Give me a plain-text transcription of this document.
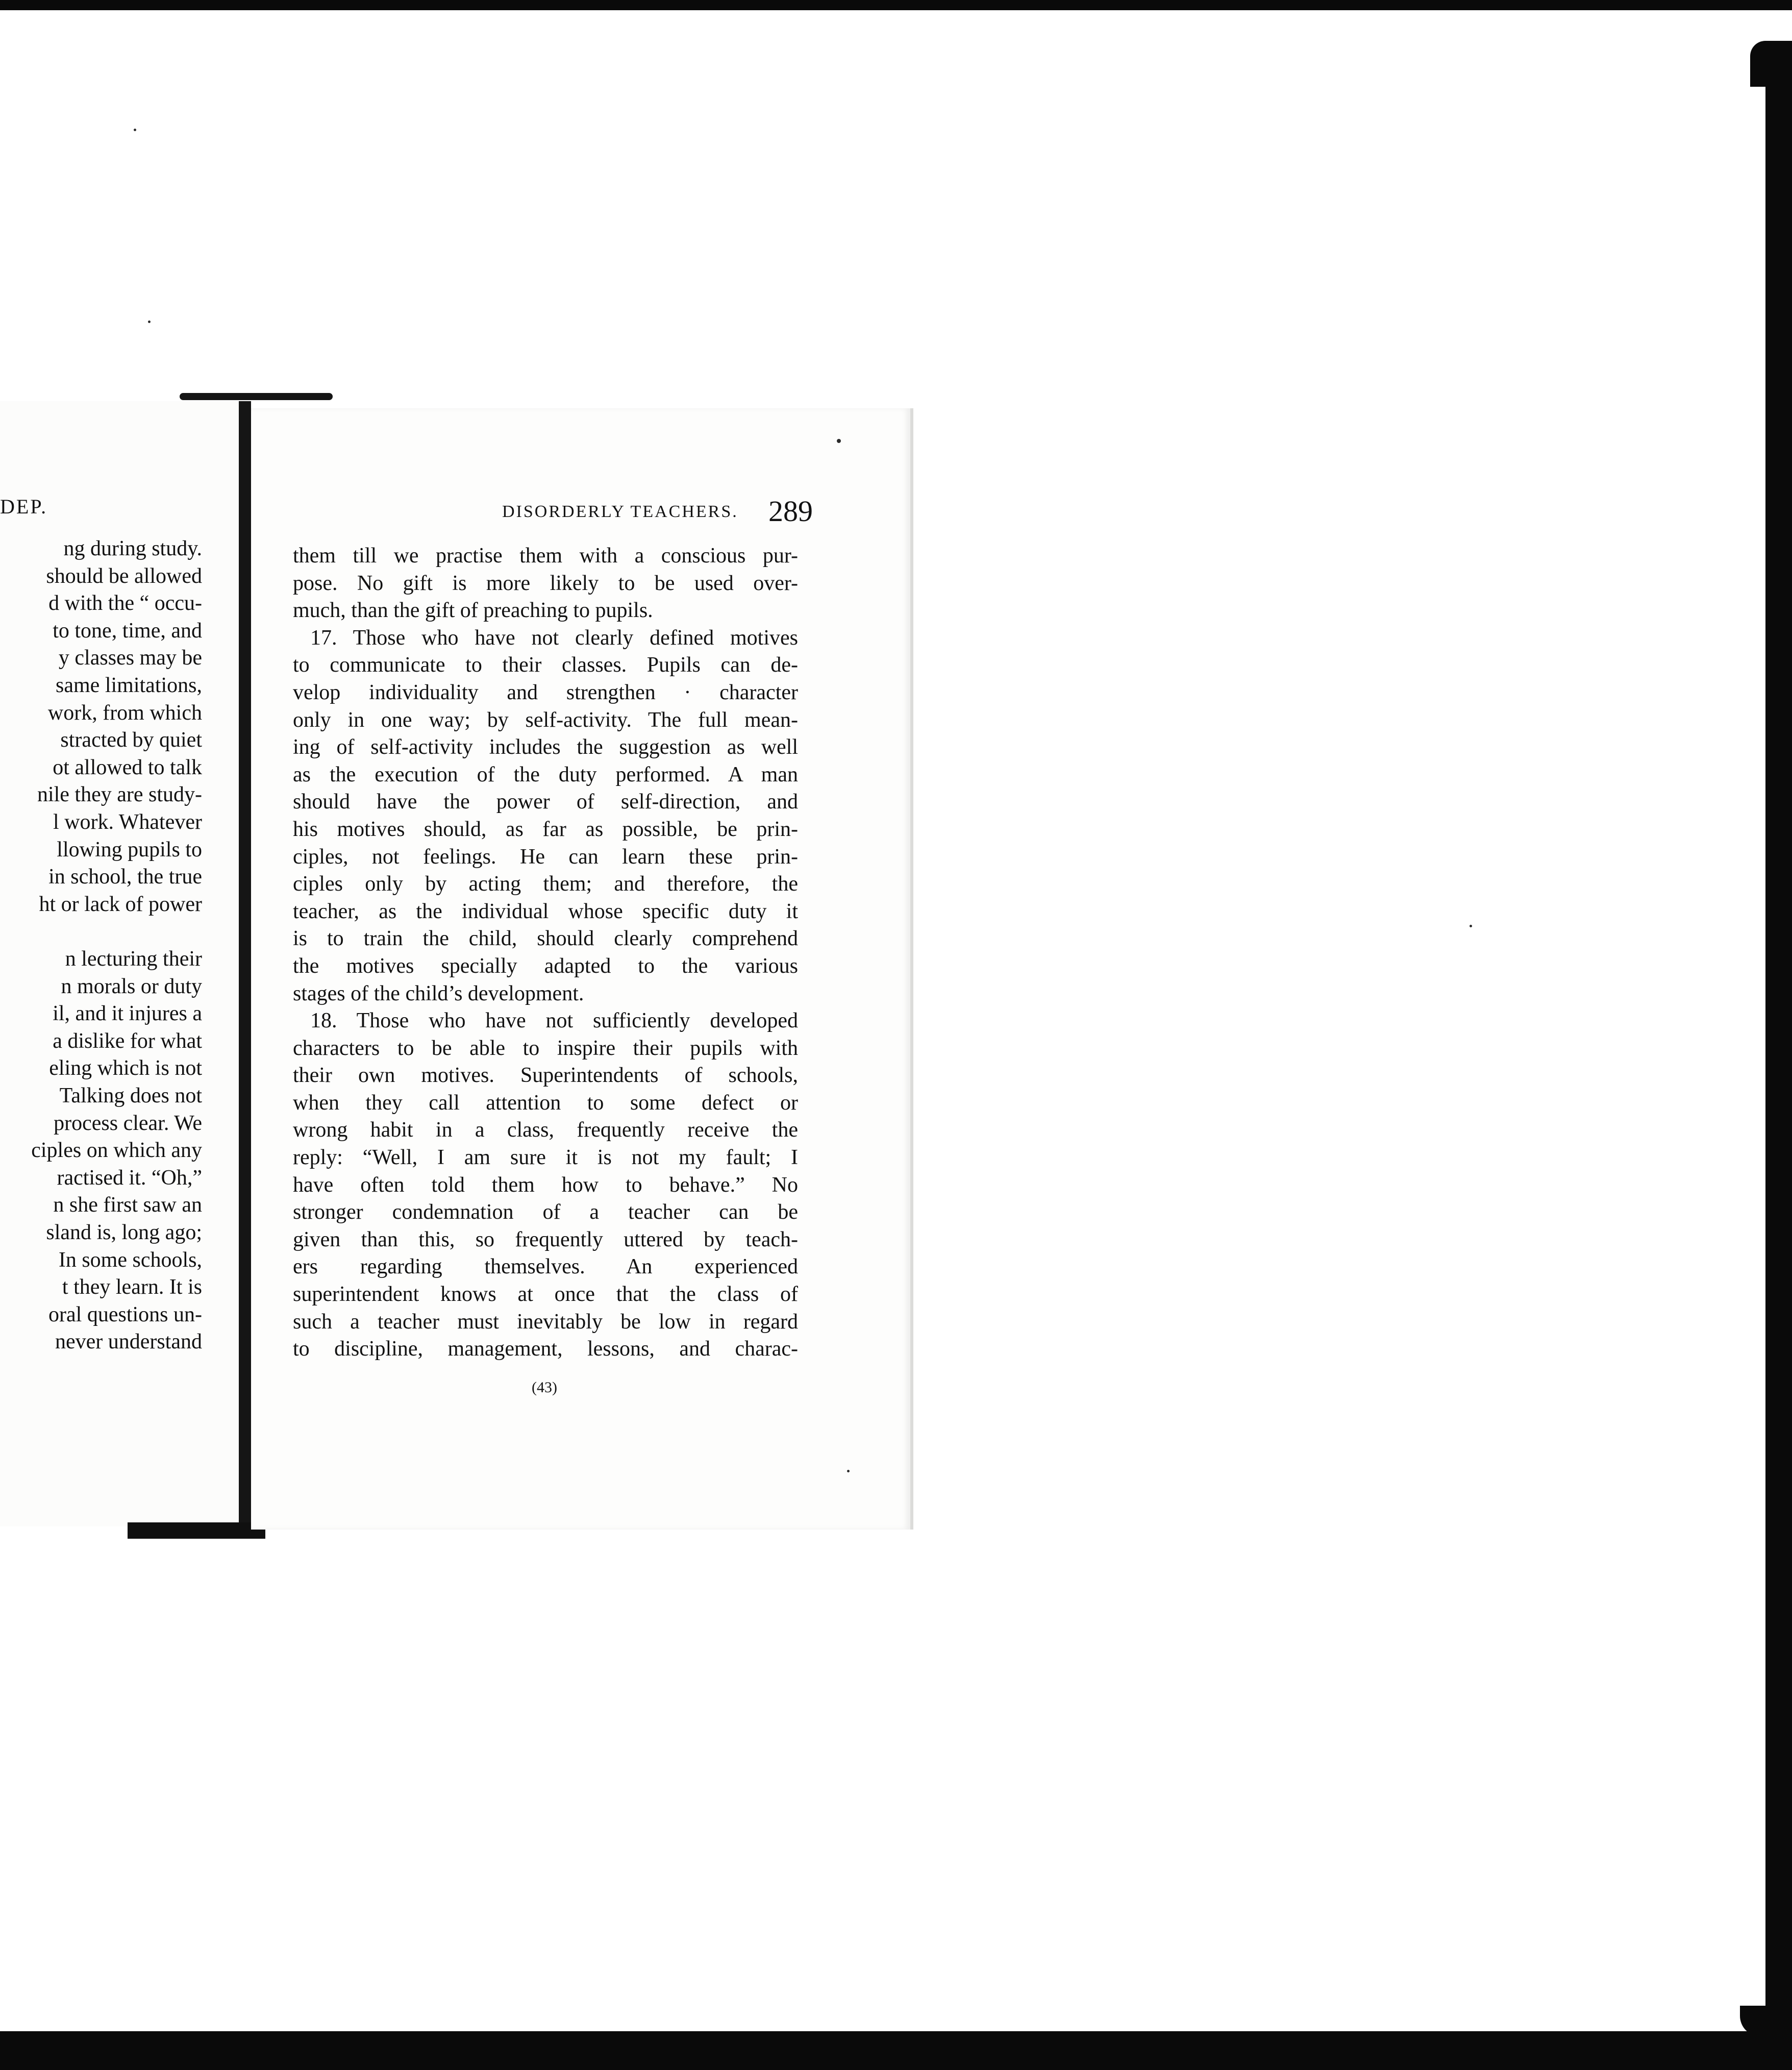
DEP.
ng during study.
should be allowed
d with the “ occu-
to tone, time, and
y classes may be
same limitations,
work, from which
stracted by quiet
ot allowed to talk
nile they are study-
l work. Whatever
llowing pupils to
in school, the true
ht or lack of power
n lecturing their
n morals or duty
il, and it injures a
a dislike for what
eling which is not
Talking does not
process clear. We
ciples on which any
ractised it. “Oh,”
n she first saw an
sland is, long ago;
In some schools,
t they learn. It is
oral questions un-
never understand
DISORDERLY TEACHERS. 289
them till we practise them with a conscious pur-
pose. No gift is more likely to be used over-
much, than the gift of preaching to pupils.
17. Those who have not clearly defined motives
to communicate to their classes. Pupils can de-
velop individuality and strengthen · character
only in one way; by self-activity. The full mean-
ing of self-activity includes the suggestion as well
as the execution of the duty performed. A man
should have the power of self-direction, and
his motives should, as far as possible, be prin-
ciples, not feelings. He can learn these prin-
ciples only by acting them; and therefore, the
teacher, as the individual whose specific duty it
is to train the child, should clearly comprehend
the motives specially adapted to the various
stages of the child’s development.
18. Those who have not sufficiently developed
characters to be able to inspire their pupils with
their own motives. Superintendents of schools,
when they call attention to some defect or
wrong habit in a class, frequently receive the
reply: “Well, I am sure it is not my fault; I
have often told them how to behave.” No
stronger condemnation of a teacher can be
given than this, so frequently uttered by teach-
ers regarding themselves. An experienced
superintendent knows at once that the class of
such a teacher must inevitably be low in regard
to discipline, management, lessons, and charac-
(43)
